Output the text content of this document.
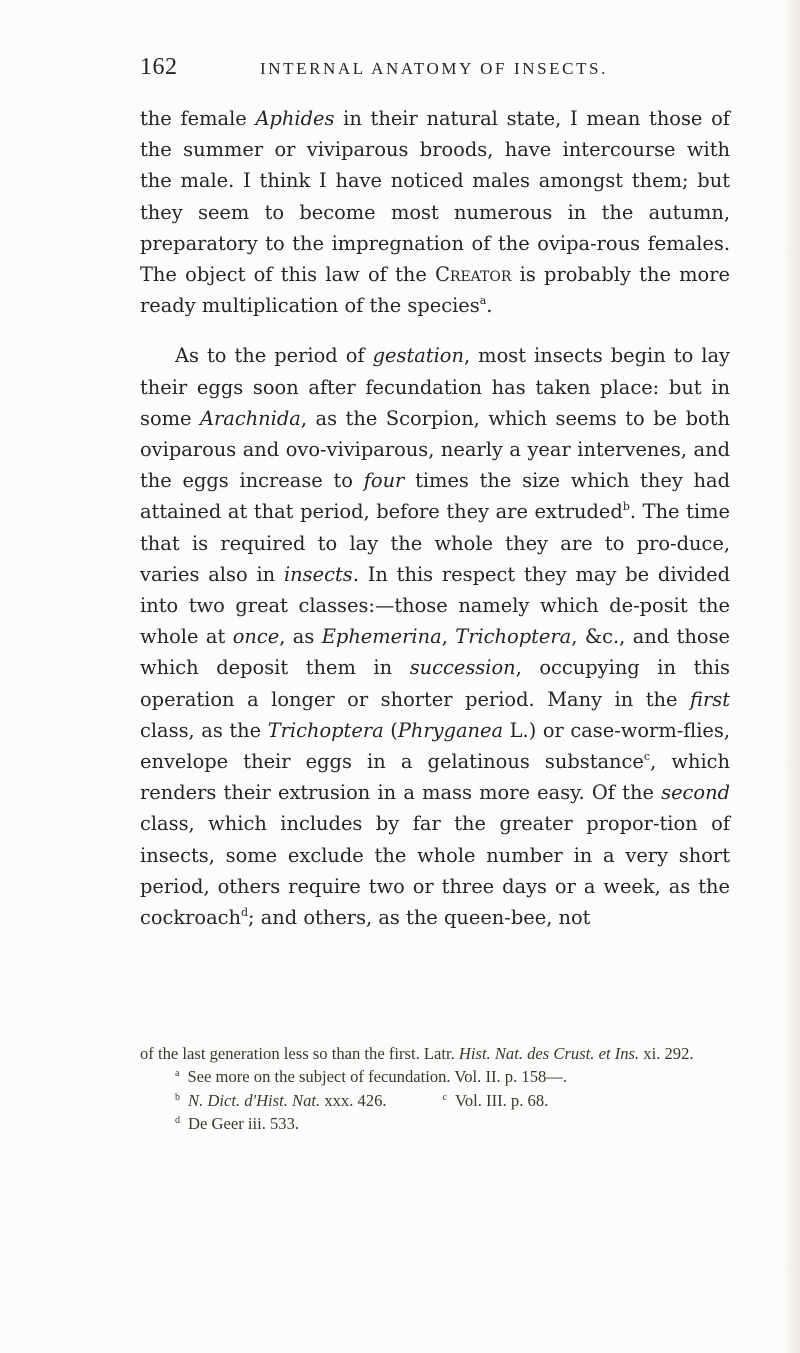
162	INTERNAL ANATOMY OF INSECTS.

the female Aphides in their natural state, I mean those of the summer or viviparous broods, have intercourse with the male. I think I have noticed males amongst them; but they seem to become most numerous in the autumn, preparatory to the impregnation of the ovipa-rous females. The object of this law of the Creator is probably the more ready multiplication of the species$^a$.

As to the period of gestation, most insects begin to lay their eggs soon after fecundation has taken place: but in some Arachnida, as the Scorpion, which seems to be both oviparous and ovo-viviparous, nearly a year intervenes, and the eggs increase to four times the size which they had attained at that period, before they are extruded$^b$. The time that is required to lay the whole they are to pro-duce, varies also in insects. In this respect they may be divided into two great classes:—those namely which de-posit the whole at once, as Ephemerina, Trichoptera, &c., and those which deposit them in succession, occupying in this operation a longer or shorter period. Many in the first class, as the Trichoptera (Phryganea L.) or case-worm-flies, envelope their eggs in a gelatinous substance$^c$, which renders their extrusion in a mass more easy. Of the second class, which includes by far the greater propor-tion of insects, some exclude the whole number in a very short period, others require two or three days or a week, as the cockroach$^d$; and others, as the queen-bee, not

of the last generation less so than the first. Latr. Hist. Nat. des Crust. et Ins. xi. 292.
$^a$ See more on the subject of fecundation. Vol. II. p. 158—.
$^b$ N. Dict. d'Hist. Nat. xxx. 426.	$^c$ Vol. III. p. 68.
$^d$ De Geer iii. 533.
